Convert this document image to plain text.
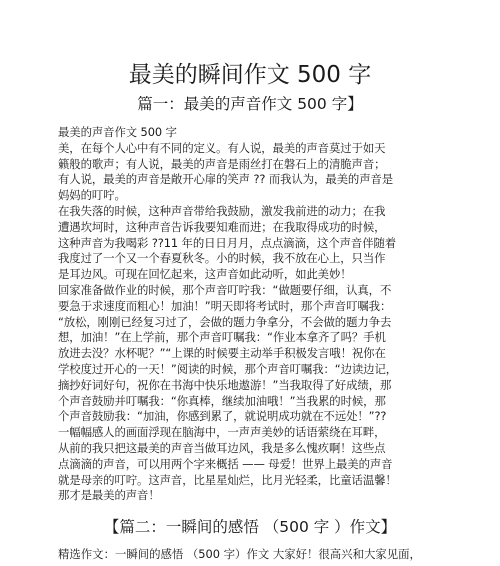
最美的瞬间作文 500 字
篇一：最美的声音作文 500 字】
最美的声音作文 500 字
美，在每个人心中有不同的定义。有人说，最美的声音莫过于如天
籁般的歌声；有人说，最美的声音是雨丝打在磐石上的清脆声音；
有人说，最美的声音是敞开心扉的笑声 ?? 而我认为，最美的声音是
妈妈的叮咛。
在我失落的时候，这种声音带给我鼓励，激发我前进的动力；在我
遭遇坎坷时，这种声音告诉我要知难而进；在我取得成功的时候，
这种声音为我喝彩 ??11 年的日日月月，点点滴滴，这个声音伴随着
我度过了一个又一个春夏秋冬。小的时候，我不放在心上，只当作
是耳边风。可现在回忆起来，这声音如此动听，如此美妙！
回家准备做作业的时候，那个声音叮咛我：“做题要仔细，认真，不
要急于求速度而粗心！加油！”明天即将考试时，那个声音叮嘱我：
“放松，刚刚已经复习过了，会做的题力争拿分，不会做的题力争去
想，加油！”在上学前，那个声音叮嘱我：“作业本拿齐了吗？手机
放进去没？水杯呢？”“上课的时候要主动举手积极发言哦！祝你在
学校度过开心的一天！”阅读的时候，那个声音叮嘱我：“边读边记，
摘抄好词好句，祝你在书海中快乐地遨游！”当我取得了好成绩，那
个声音鼓励并叮嘱我：“你真棒，继续加油哦！”当我累的时候，那
个声音鼓励我：“加油，你感到累了，就说明成功就在不远处！”??
一幅幅感人的画面浮现在脑海中，一声声美妙的话语萦绕在耳畔，
从前的我只把这最美的声音当做耳边风，我是多么愧疚啊！这些点
点滴滴的声音，可以用两个字来概括 —— 母爱！世界上最美的声音
就是母亲的叮咛。这声音，比星星灿烂，比月光轻柔，比童话温馨！
那才是最美的声音！
【篇二：一瞬间的感悟 （500 字 ）作文】
精选作文：一瞬间的感悟 （500 字）作文 大家好！很高兴和大家见面，
